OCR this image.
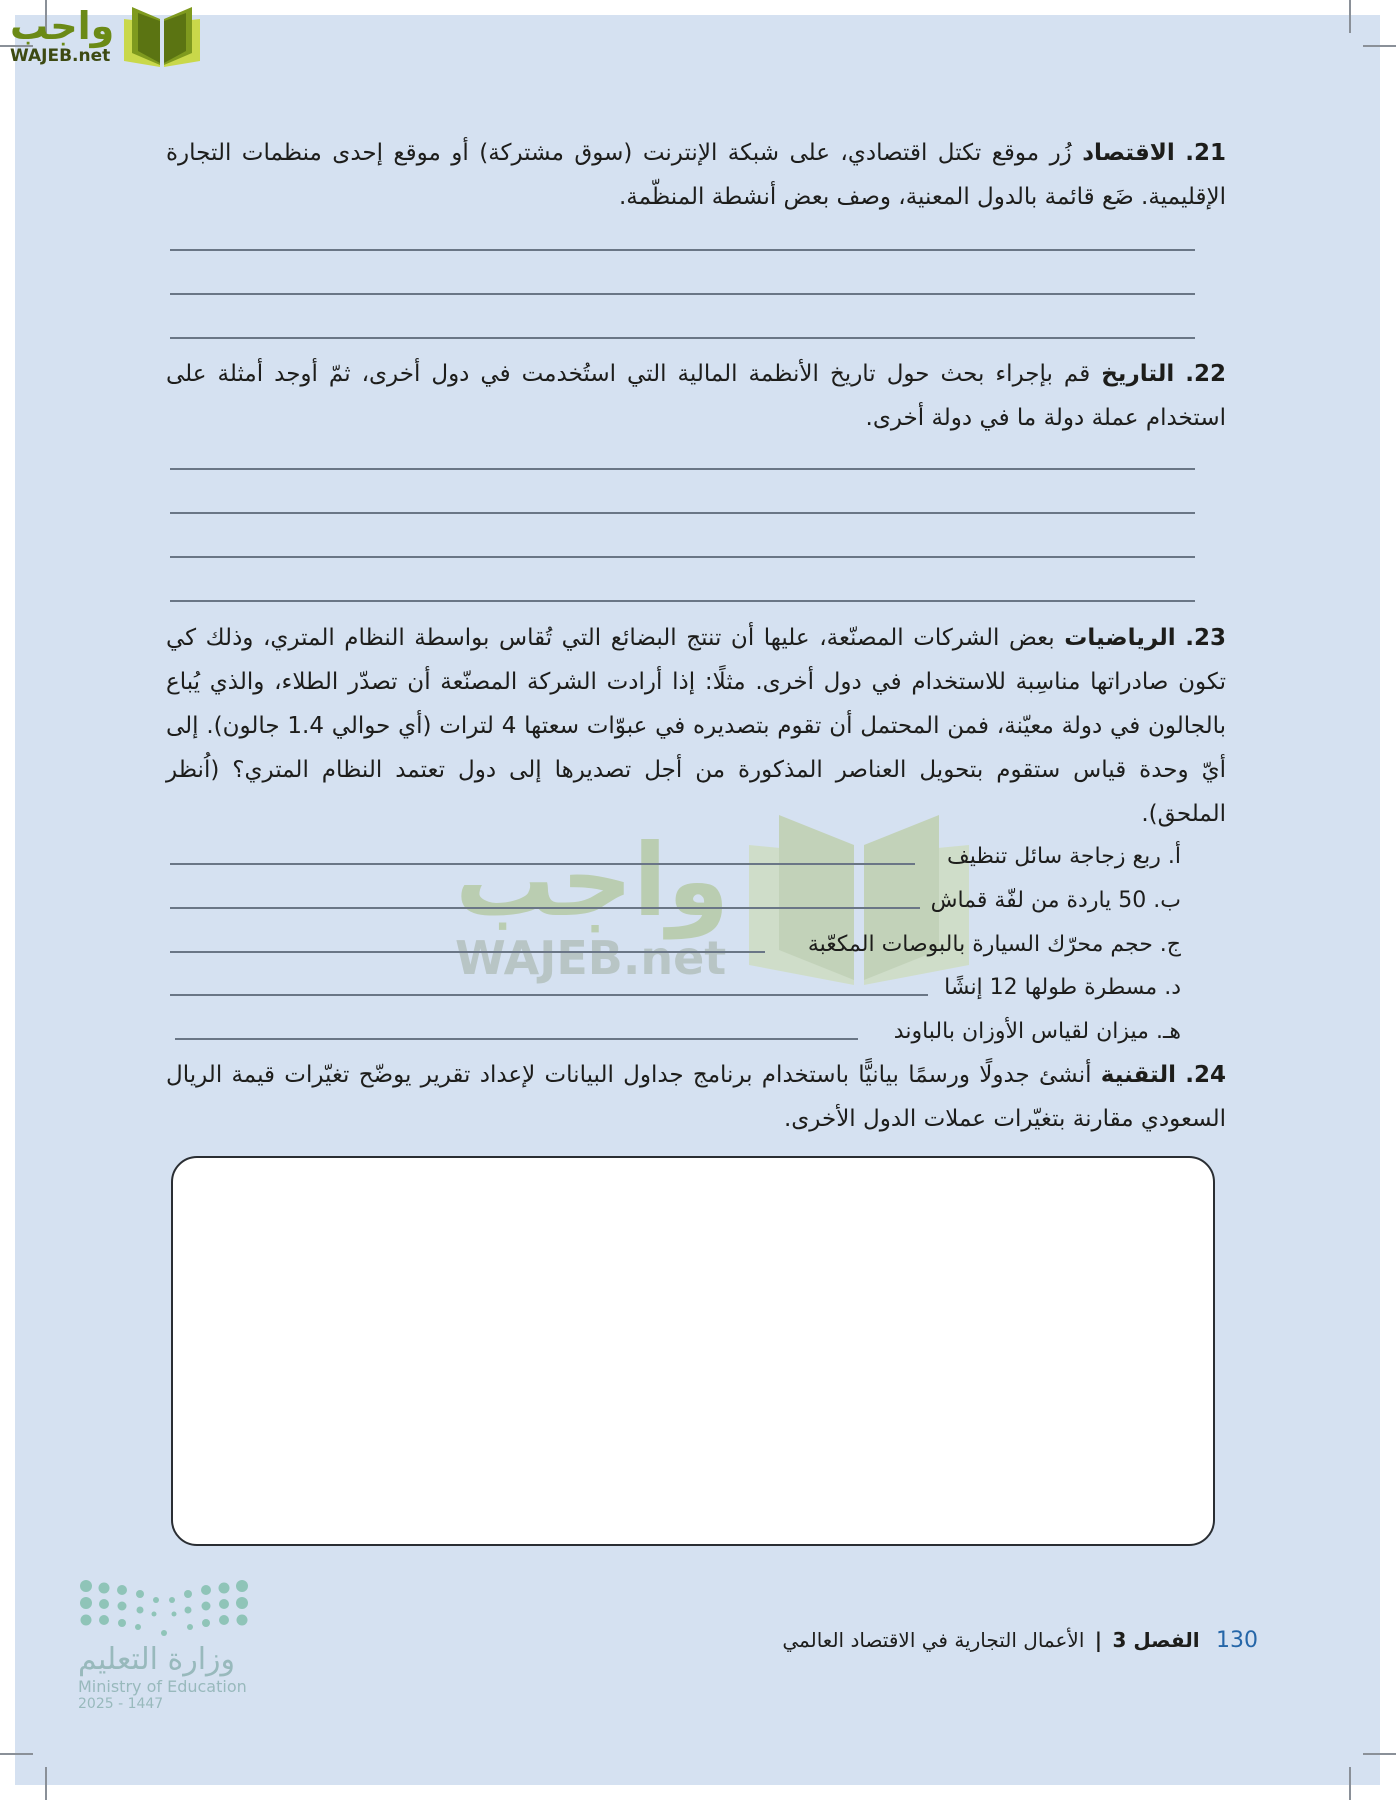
واجب
WAJEB.net
21. الاقتصاد زُر موقع تكتل اقتصادي، على شبكة الإنترنت (سوق مشتركة) أو موقع إحدى منظمات التجارة الإقليمية. ضَع قائمة بالدول المعنية، وصف بعض أنشطة المنظّمة.
22. التاريخ قم بإجراء بحث حول تاريخ الأنظمة المالية التي استُخدمت في دول أخرى، ثمّ أوجد أمثلة على استخدام عملة دولة ما في دولة أخرى.
23. الرياضيات بعض الشركات المصنّعة، عليها أن تنتج البضائع التي تُقاس بواسطة النظام المتري، وذلك كي تكون صادراتها مناسِبة للاستخدام في دول أخرى. مثلًا: إذا أرادت الشركة المصنّعة أن تصدّر الطلاء، والذي يُباع بالجالون في دولة معيّنة، فمن المحتمل أن تقوم بتصديره في عبوّات سعتها 4 لترات (أي حوالي 1.4 جالون). إلى أيّ وحدة قياس ستقوم بتحويل العناصر المذكورة من أجل تصديرها إلى دول تعتمد النظام المتري؟ (اُنظر الملحق).
واجب
WAJEB.net
أ. ربع زجاجة سائل تنظيف
ب. 50 ياردة من لفّة قماش
ج. حجم محرّك السيارة بالبوصات المكعّبة
د. مسطرة طولها 12 إنشًا
هـ. ميزان لقياس الأوزان بالباوند
24. التقنية أنشئ جدولًا ورسمًا بيانيًّا باستخدام برنامج جداول البيانات لإعداد تقرير يوضّح تغيّرات قيمة الريال السعودي مقارنة بتغيّرات عملات الدول الأخرى.
وزارة التعليم
Ministry of Education
2025 - 1447
130 الفصل 3 | الأعمال التجارية في الاقتصاد العالمي
